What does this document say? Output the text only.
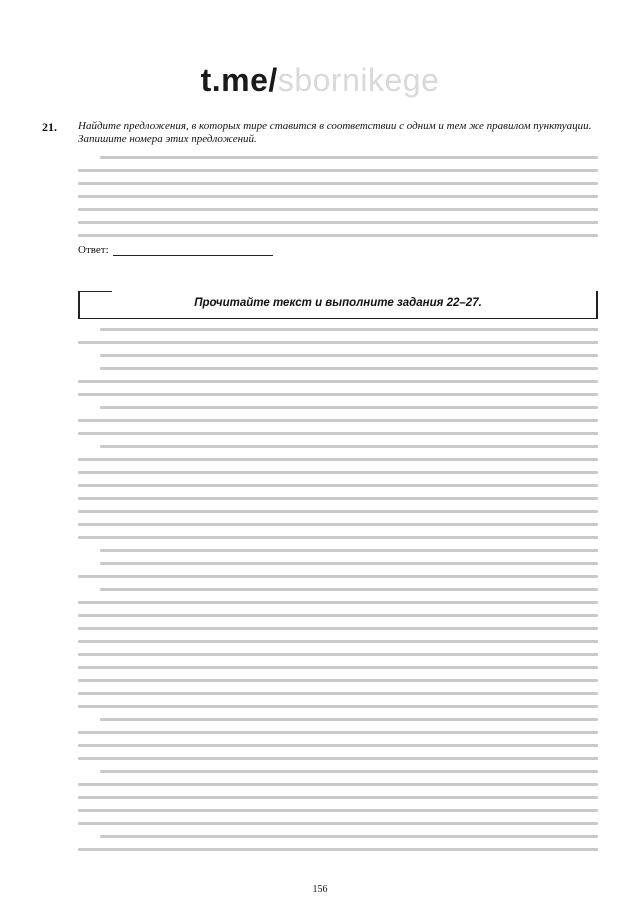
t.me/sbornikege
21. Найдите предложения, в которых тире ставится в соответствии с одним и тем же правилом пунктуации. Запишите номера этих предложений.
Ответ:
Прочитайте текст и выполните задания 22–27.
156
